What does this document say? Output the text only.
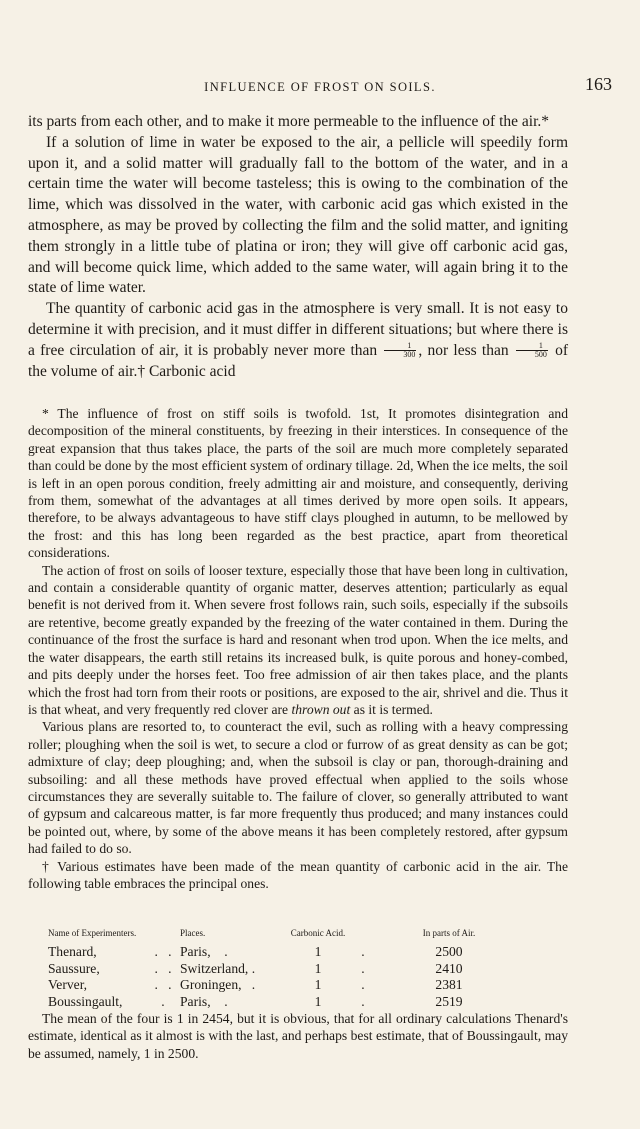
INFLUENCE OF FROST ON SOILS.	163

its parts from each other, and to make it more permeable to the influence of the air.*

If a solution of lime in water be exposed to the air, a pellicle will speedily form upon it, and a solid matter will gradually fall to the bottom of the water, and in a certain time the water will become tasteless; this is owing to the combination of the lime, which was dissolved in the water, with carbonic acid gas which existed in the atmosphere, as may be proved by collecting the film and the solid matter, and igniting them strongly in a little tube of platina or iron; they will give off carbonic acid gas, and will become quick lime, which added to the same water, will again bring it to the state of lime water.

The quantity of carbonic acid gas in the atmosphere is very small. It is not easy to determine it with precision, and it must differ in different situations; but where there is a free circulation of air, it is probably never more than $\frac{1}{300}$ , nor less than $\frac{1}{500}$ of the volume of air.† Carbonic acid

* The influence of frost on stiff soils is twofold. 1st, It promotes disintegration and decomposition of the mineral constituents, by freezing in their interstices. In consequence of the great expansion that thus takes place, the parts of the soil are much more completely separated than could be done by the most efficient system of ordinary tillage. 2d, When the ice melts, the soil is left in an open porous condition, freely admitting air and moisture, and consequently, deriving from them, somewhat of the advantages at all times derived by more open soils. It appears, therefore, to be always advantageous to have stiff clays ploughed in autumn, to be mellowed by the frost: and this has long been regarded as the best practice, apart from theoretical considerations.

The action of frost on soils of looser texture, especially those that have been long in cultivation, and contain a considerable quantity of organic matter, deserves attention; particularly as equal benefit is not derived from it. When severe frost follows rain, such soils, especially if the subsoils are retentive, become greatly expanded by the freezing of the water contained in them. During the continuance of the frost the surface is hard and resonant when trod upon. When the ice melts, and the water disappears, the earth still retains its increased bulk, is quite porous and honey-combed, and pits deeply under the horses feet. Too free admission of air then takes place, and the plants which the frost had torn from their roots or positions, are exposed to the air, shrivel and die. Thus it is that wheat, and very frequently red clover are thrown out as it is termed.

Various plans are resorted to, to counteract the evil, such as rolling with a heavy compressing roller; ploughing when the soil is wet, to secure a clod or furrow of as great density as can be got; admixture of clay; deep ploughing; and, when the subsoil is clay or pan, thorough-draining and subsoiling: and all these methods have proved effectual when applied to the soils whose circumstances they are severally suitable to. The failure of clover, so generally attributed to want of gypsum and calcareous matter, is far more frequently thus produced; and many instances could be pointed out, where, by some of the above means it has been completely restored, after gypsum had failed to do so.

† Various estimates have been made of the mean quantity of carbonic acid in the air. The following table embraces the principal ones.

Name of Experimenters.		Places.	Carbonic Acid.		In parts of Air.
Thenard,	.   .	Paris,    .	1	.	2500
Saussure,	.   .	Switzerland, .	1	.	2410
Verver,	.   .	Groningen,   .	1	.	2381
Boussingault,	.	Paris,    .	1	.	2519

The mean of the four is 1 in 2454, but it is obvious, that for all ordinary calculations Thenard's estimate, identical as it almost is with the last, and perhaps best estimate, that of Boussingault, may be assumed, namely, 1 in 2500.
